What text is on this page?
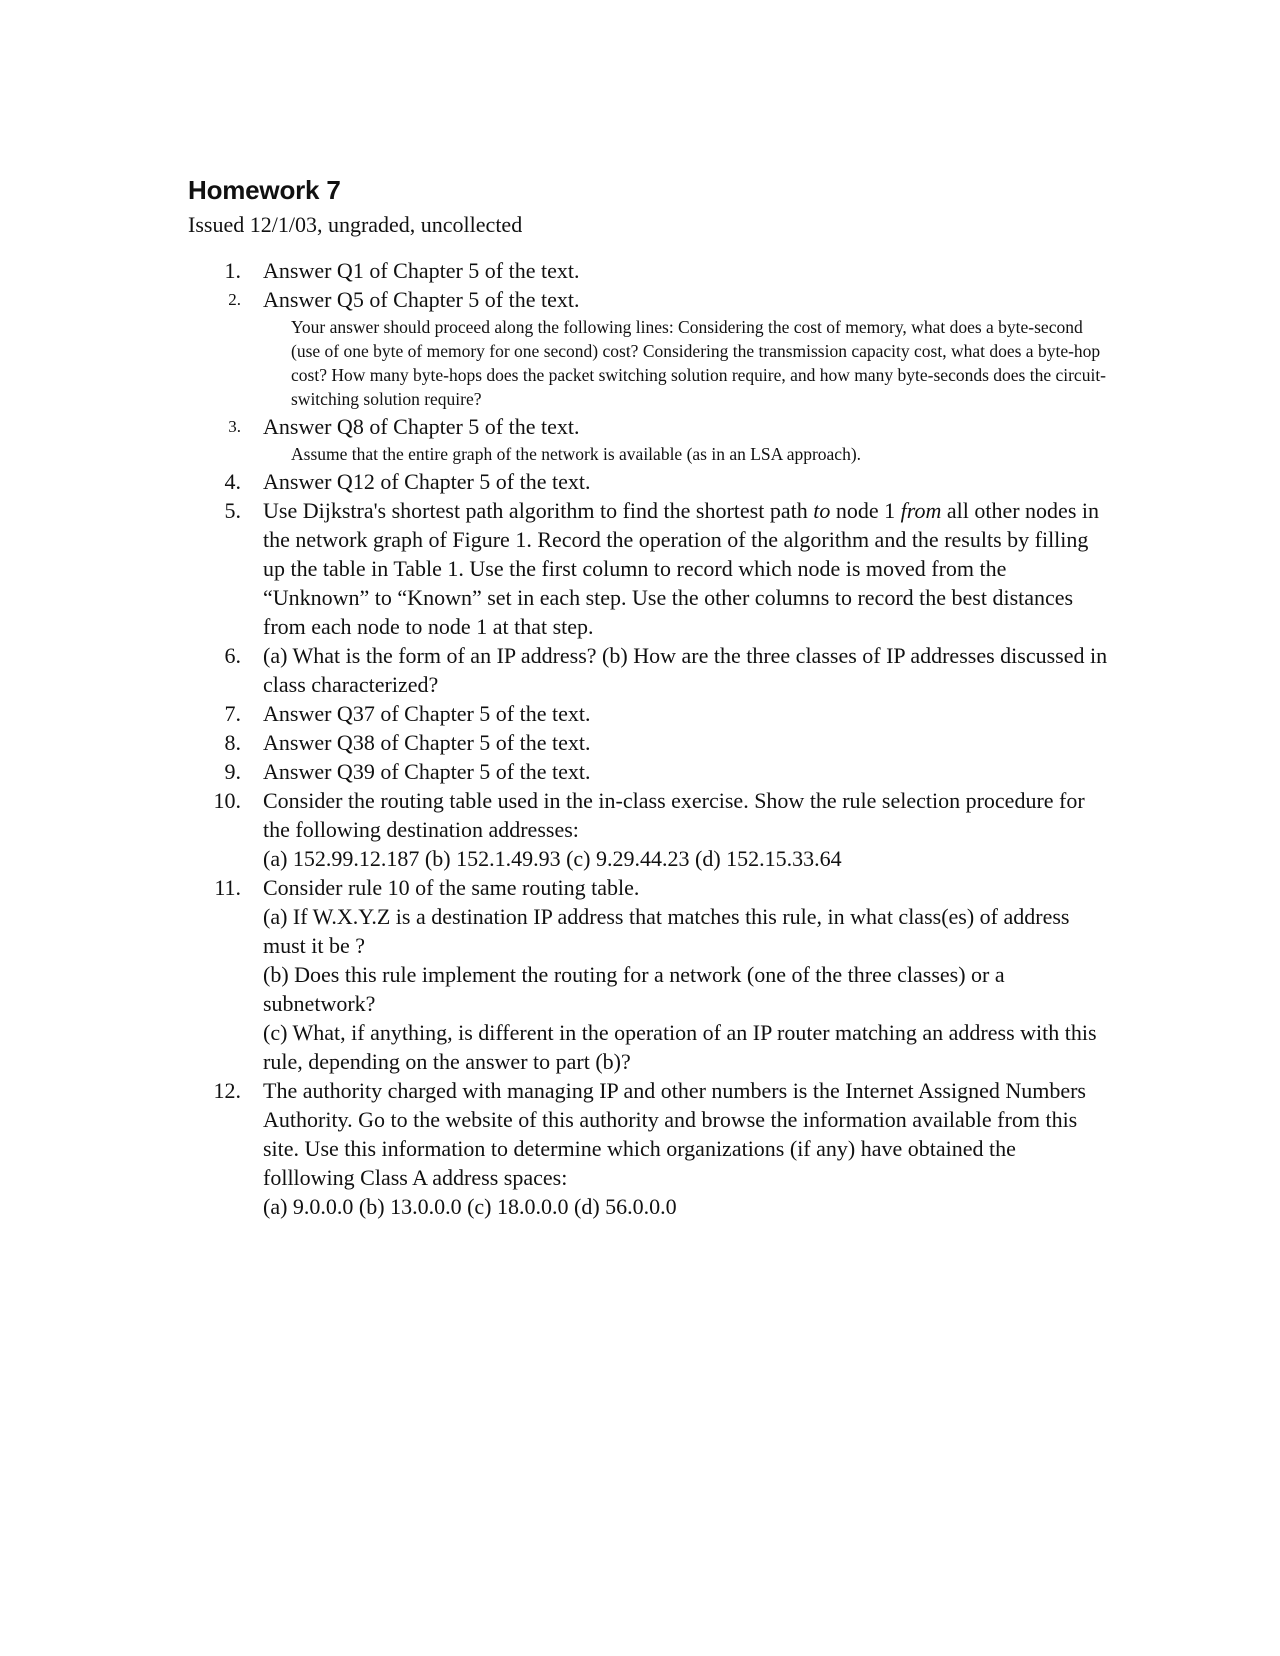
Homework 7

Issued 12/1/03, ungraded, uncollected

1. Answer Q1 of Chapter 5 of the text.
2. Answer Q5 of Chapter 5 of the text.
Your answer should proceed along the following lines: Considering the cost of memory, what does a byte-second (use of one byte of memory for one second) cost? Considering the transmission capacity cost, what does a byte-hop cost? How many byte-hops does the packet switching solution require, and how many byte-seconds does the circuit-switching solution require?
3. Answer Q8 of Chapter 5 of the text.
Assume that the entire graph of the network is available (as in an LSA approach).
4. Answer Q12 of Chapter 5 of the text.
5. Use Dijkstra's shortest path algorithm to find the shortest path to node 1 from all other nodes in the network graph of Figure 1. Record the operation of the algorithm and the results by filling up the table in Table 1. Use the first column to record which node is moved from the “Unknown” to “Known” set in each step. Use the other columns to record the best distances from each node to node 1 at that step.
6. (a) What is the form of an IP address? (b) How are the three classes of IP addresses discussed in class characterized?
7. Answer Q37 of Chapter 5 of the text.
8. Answer Q38 of Chapter 5 of the text.
9. Answer Q39 of Chapter 5 of the text.
10. Consider the routing table used in the in-class exercise. Show the rule selection procedure for the following destination addresses:
(a) 152.99.12.187 (b) 152.1.49.93 (c) 9.29.44.23 (d) 152.15.33.64
11. Consider rule 10 of the same routing table.
(a) If W.X.Y.Z is a destination IP address that matches this rule, in what class(es) of address must it be ?
(b) Does this rule implement the routing for a network (one of the three classes) or a subnetwork?
(c) What, if anything, is different in the operation of an IP router matching an address with this rule, depending on the answer to part (b)?
12. The authority charged with managing IP and other numbers is the Internet Assigned Numbers Authority. Go to the website of this authority and browse the information available from this site. Use this information to determine which organizations (if any) have obtained the folllowing Class A address spaces:
(a) 9.0.0.0 (b) 13.0.0.0 (c) 18.0.0.0 (d) 56.0.0.0
